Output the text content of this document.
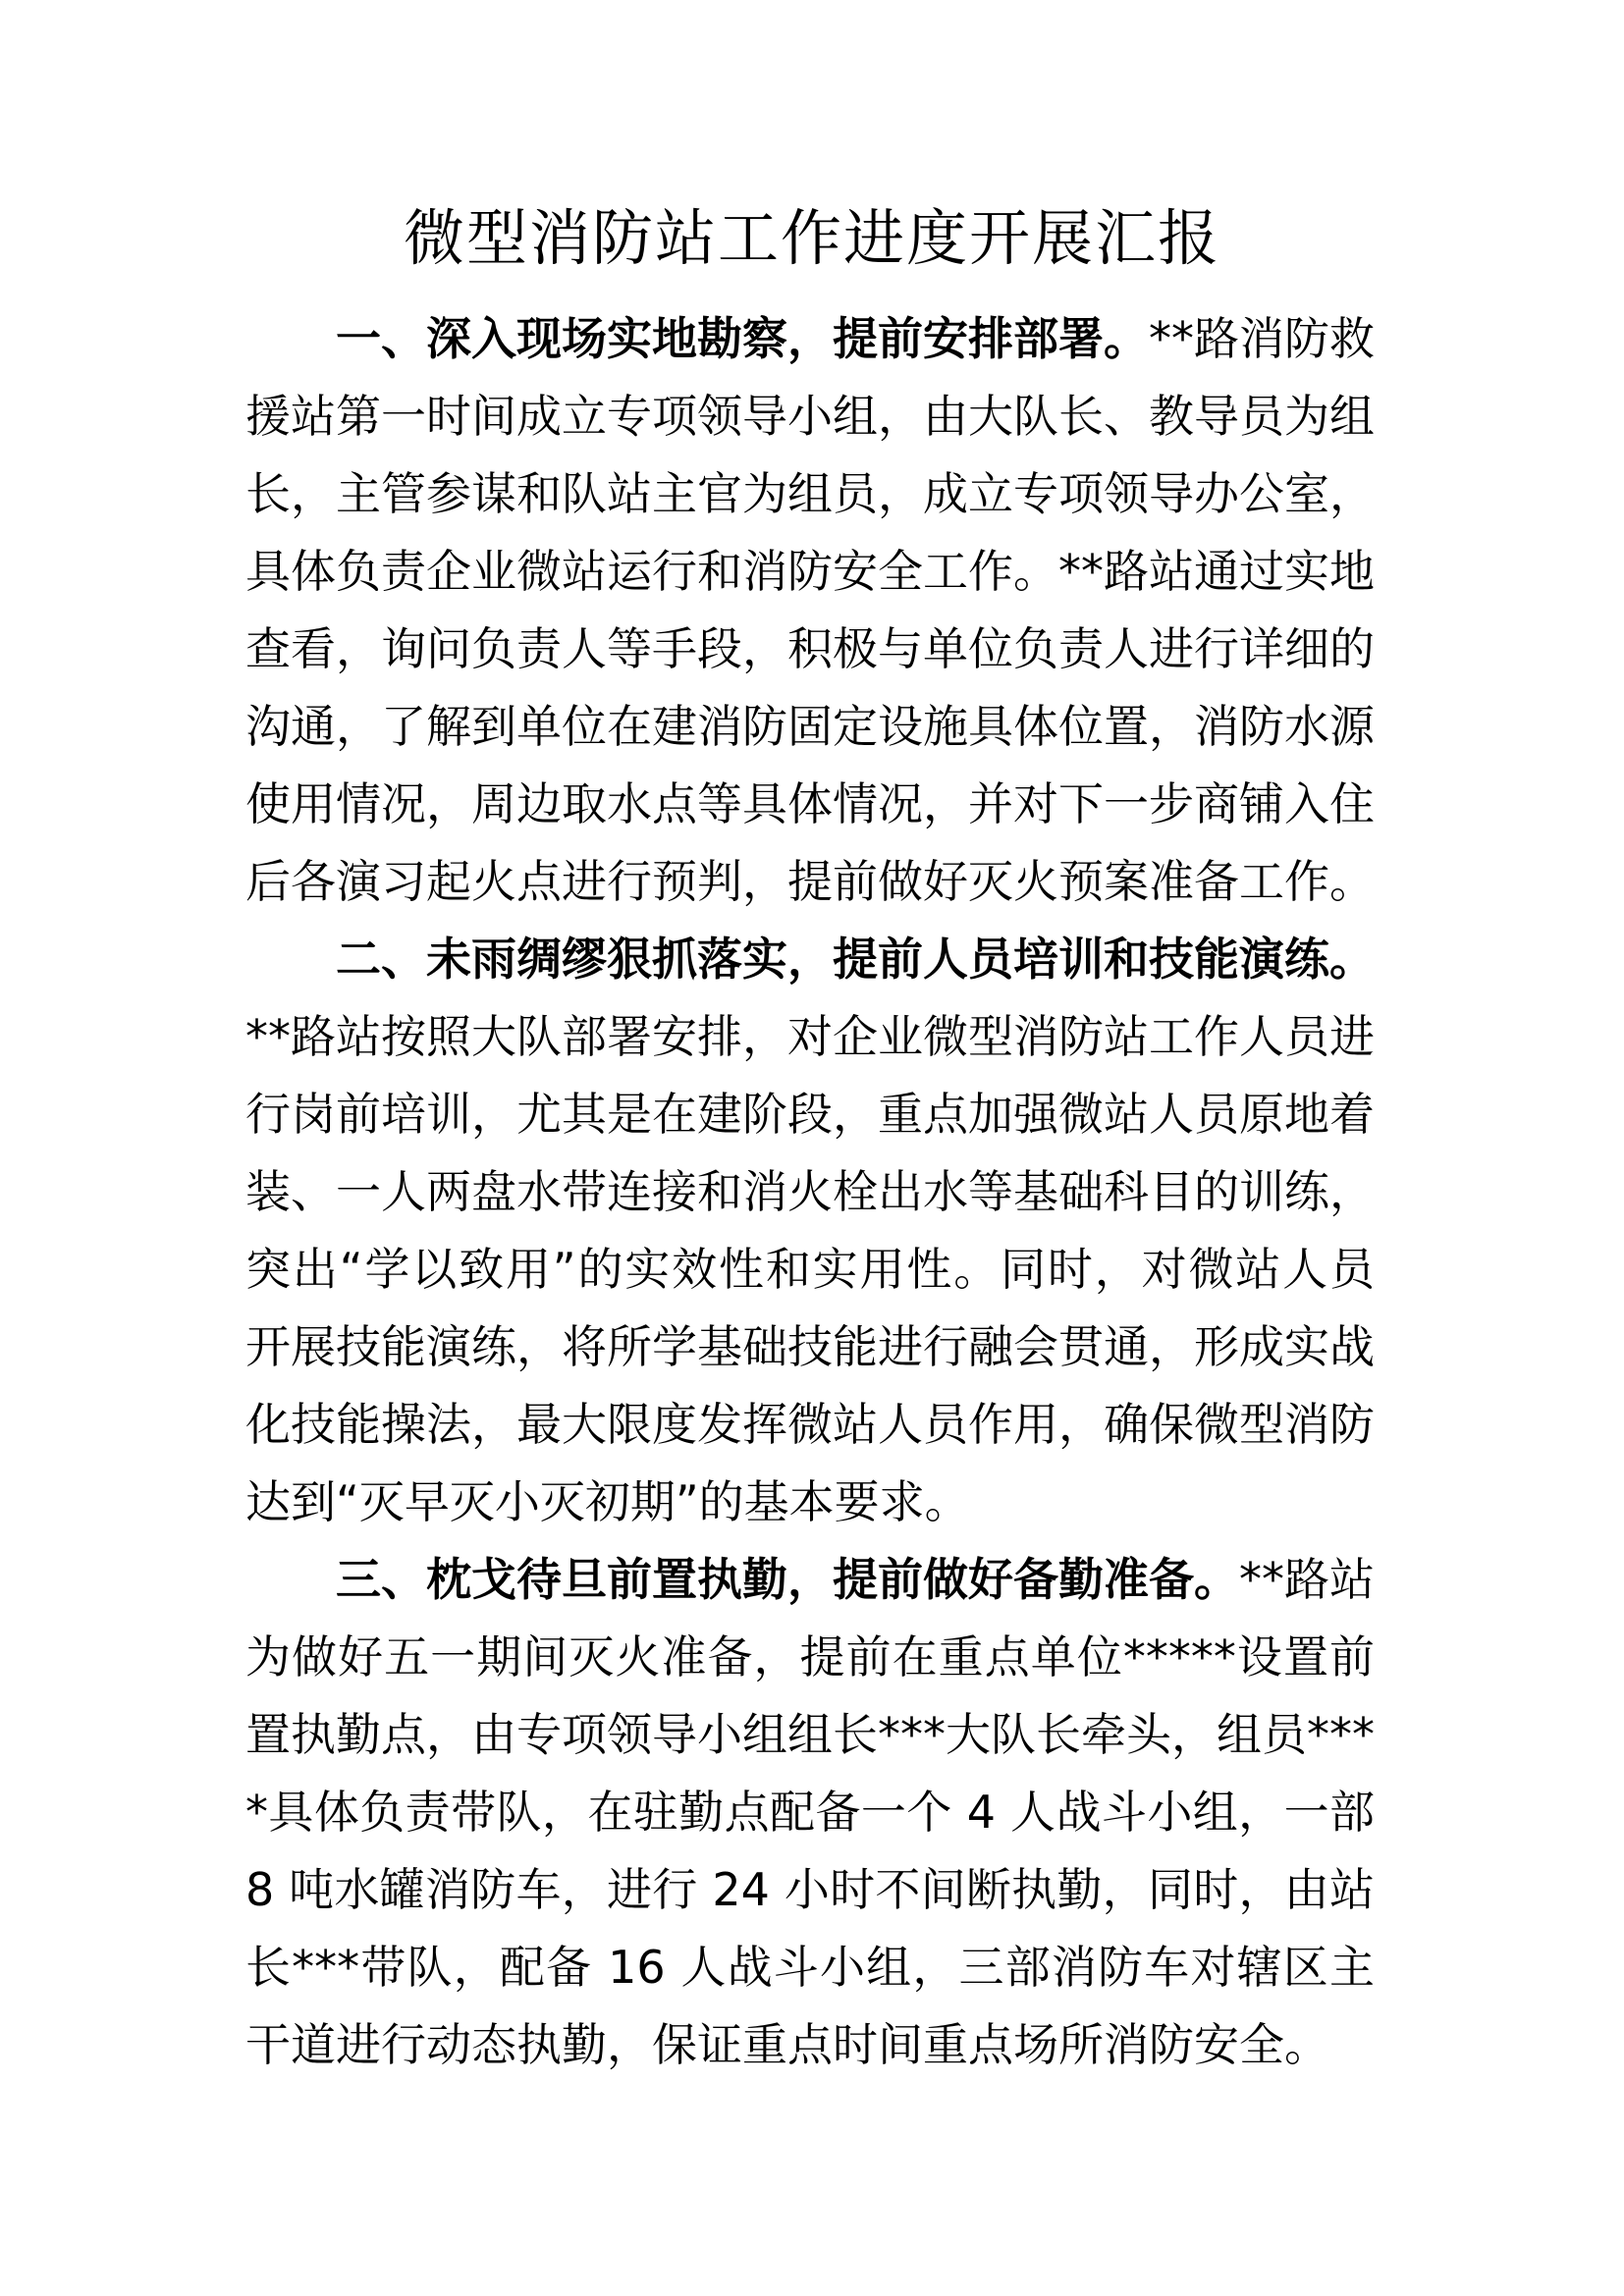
微型消防站工作进度开展汇报

一、深入现场实地勘察，提前安排部署。**路消防救援站第一时间成立专项领导小组，由大队长、教导员为组长，主管参谋和队站主官为组员，成立专项领导办公室，具体负责企业微站运行和消防安全工作。**路站通过实地查看，询问负责人等手段，积极与单位负责人进行详细的沟通，了解到单位在建消防固定设施具体位置，消防水源使用情况，周边取水点等具体情况，并对下一步商铺入住后各演习起火点进行预判，提前做好灭火预案准备工作。

二、未雨绸缪狠抓落实，提前人员培训和技能演练。**路站按照大队部署安排，对企业微型消防站工作人员进行岗前培训，尤其是在建阶段，重点加强微站人员原地着装、一人两盘水带连接和消火栓出水等基础科目的训练，突出“学以致用”的实效性和实用性。同时，对微站人员开展技能演练，将所学基础技能进行融会贯通，形成实战化技能操法，最大限度发挥微站人员作用，确保微型消防达到“灭早灭小灭初期”的基本要求。

三、枕戈待旦前置执勤，提前做好备勤准备。**路站为做好五一期间灭火准备，提前在重点单位*****设置前置执勤点，由专项领导小组组长***大队长牵头，组员****具体负责带队，在驻勤点配备一个 4 人战斗小组，一部 8 吨水罐消防车，进行 24 小时不间断执勤，同时，由站长***带队，配备 16 人战斗小组，三部消防车对辖区主干道进行动态执勤，保证重点时间重点场所消防安全。
